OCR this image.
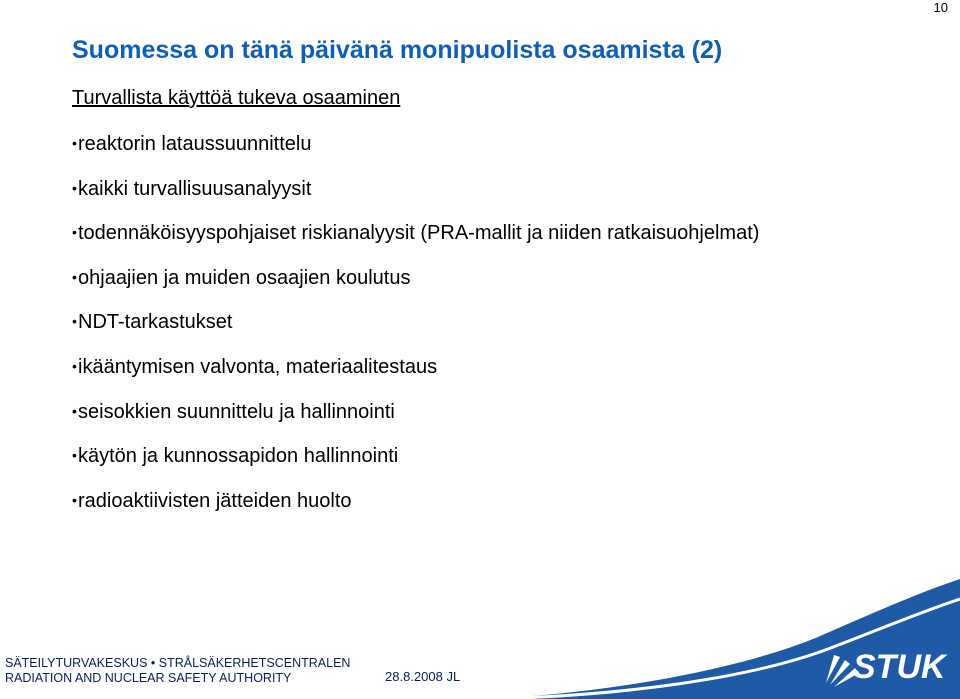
10
Suomessa on tänä päivänä monipuolista osaamista (2)
Turvallista käyttöä tukeva osaaminen
•reaktorin lataussuunnittelu
•kaikki turvallisuusanalyysit
•todennäköisyyspohjaiset riskianalyysit (PRA-mallit ja niiden ratkaisuohjelmat)
•ohjaajien ja muiden osaajien koulutus
•NDT-tarkastukset
•ikääntymisen valvonta, materiaalitestaus
•seisokkien suunnittelu ja hallinnointi
•käytön ja kunnossapidon hallinnointi
•radioaktiivisten jätteiden huolto
SÄTEILYTURVAKESKUS • STRÅLSÄKERHETSCENTRALEN
RADIATION AND NUCLEAR SAFETY AUTHORITY	28.8.2008 JL	STUK
